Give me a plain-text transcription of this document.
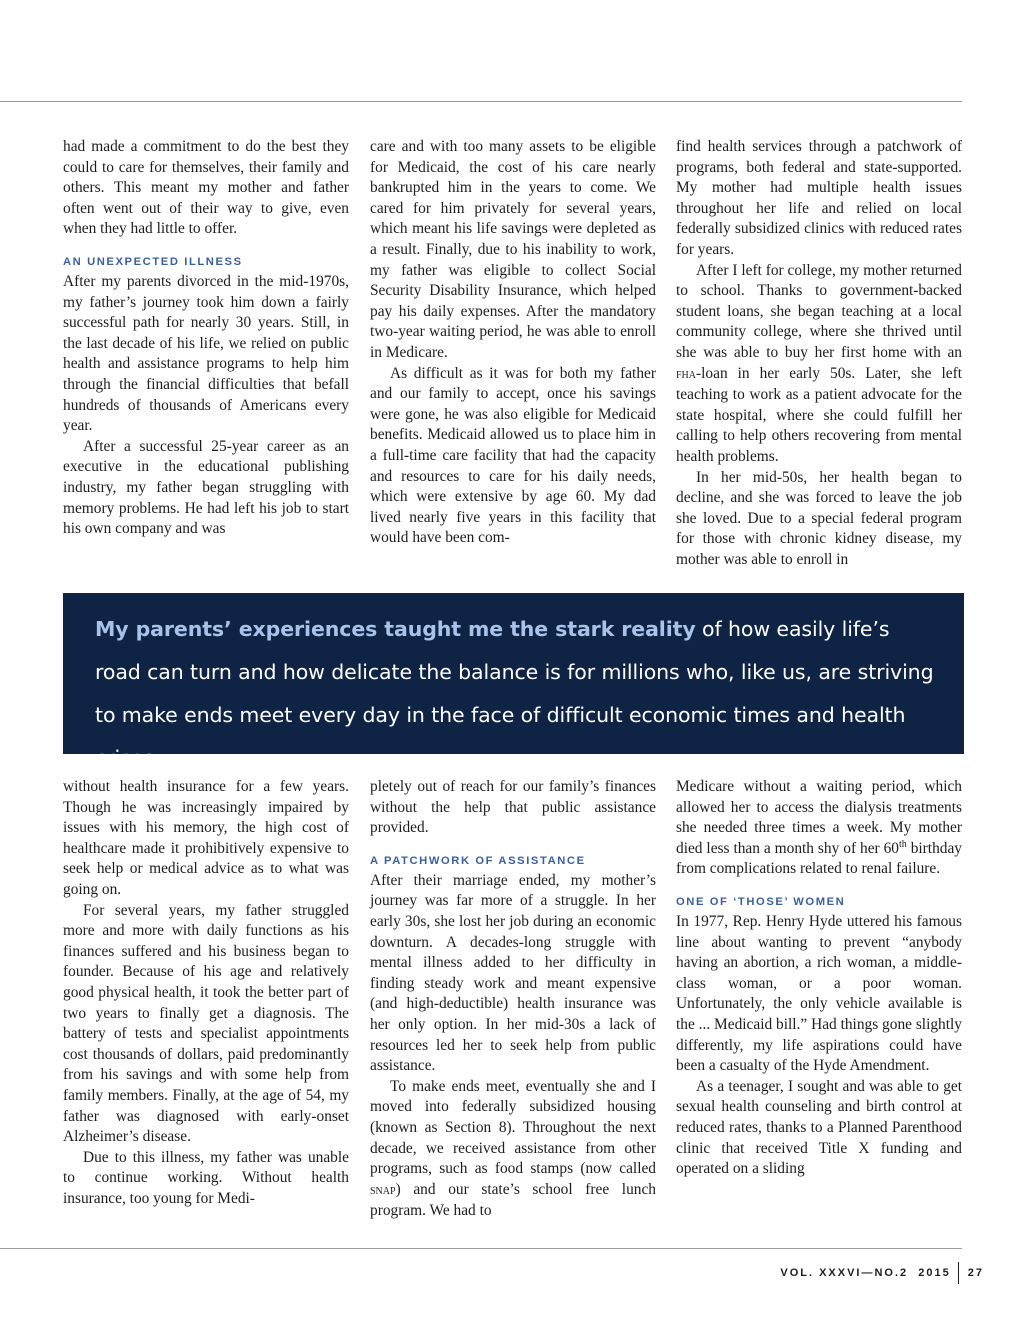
had made a commitment to do the best they could to care for themselves, their family and others. This meant my mother and father often went out of their way to give, even when they had little to offer.

AN UNEXPECTED ILLNESS

After my parents divorced in the mid-1970s, my father’s journey took him down a fairly successful path for nearly 30 years. Still, in the last decade of his life, we relied on public health and assistance programs to help him through the financial difficulties that befall hundreds of thousands of Americans every year.

After a successful 25-year career as an executive in the educational publishing industry, my father began struggling with memory problems. He had left his job to start his own company and was

care and with too many assets to be eligible for Medicaid, the cost of his care nearly bankrupted him in the years to come. We cared for him privately for several years, which meant his life savings were depleted as a result. Finally, due to his inability to work, my father was eligible to collect Social Security Disability Insurance, which helped pay his daily expenses. After the mandatory two-year waiting period, he was able to enroll in Medicare.

As difficult as it was for both my father and our family to accept, once his savings were gone, he was also eligible for Medicaid benefits. Medicaid allowed us to place him in a full-time care facility that had the capacity and resources to care for his daily needs, which were extensive by age 60. My dad lived nearly five years in this facility that would have been com-

find health services through a patchwork of programs, both federal and state-supported. My mother had multiple health issues throughout her life and relied on local federally subsidized clinics with reduced rates for years.

After I left for college, my mother returned to school. Thanks to government-backed student loans, she began teaching at a local community college, where she thrived until she was able to buy her first home with an fha-loan in her early 50s. Later, she left teaching to work as a patient advocate for the state hospital, where she could fulfill her calling to help others recovering from mental health problems.

In her mid-50s, her health began to decline, and she was forced to leave the job she loved. Due to a special federal program for those with chronic kidney disease, my mother was able to enroll in

My parents’ experiences taught me the stark reality of how easily life’s road can turn and how delicate the balance is for millions who, like us, are striving to make ends meet every day in the face of difficult economic times and health crises.

without health insurance for a few years. Though he was increasingly impaired by issues with his memory, the high cost of healthcare made it prohibitively expensive to seek help or medical advice as to what was going on.

For several years, my father struggled more and more with daily functions as his finances suffered and his business began to founder. Because of his age and relatively good physical health, it took the better part of two years to finally get a diagnosis. The battery of tests and specialist appointments cost thousands of dollars, paid predominantly from his savings and with some help from family members. Finally, at the age of 54, my father was diagnosed with early-onset Alzheimer’s disease.

Due to this illness, my father was unable to continue working. Without health insurance, too young for Medi-

pletely out of reach for our family’s finances without the help that public assistance provided.

A PATCHWORK OF ASSISTANCE

After their marriage ended, my mother’s journey was far more of a struggle. In her early 30s, she lost her job during an economic downturn. A decades-long struggle with mental illness added to her difficulty in finding steady work and meant expensive (and high-deductible) health insurance was her only option. In her mid-30s a lack of resources led her to seek help from public assistance.

To make ends meet, eventually she and I moved into federally subsidized housing (known as Section 8). Throughout the next decade, we received assistance from other programs, such as food stamps (now called snap) and our state’s school free lunch program. We had to

Medicare without a waiting period, which allowed her to access the dialysis treatments she needed three times a week. My mother died less than a month shy of her 60th birthday from complications related to renal failure.

ONE OF ‘THOSE’ WOMEN

In 1977, Rep. Henry Hyde uttered his famous line about wanting to prevent “anybody having an abortion, a rich woman, a middle-class woman, or a poor woman. Unfortunately, the only vehicle available is the ... Medicaid bill.” Had things gone slightly differently, my life aspirations could have been a casualty of the Hyde Amendment.

As a teenager, I sought and was able to get sexual health counseling and birth control at reduced rates, thanks to a Planned Parenthood clinic that received Title X funding and operated on a sliding

VOL. XXXVI—NO.2  2015 27
